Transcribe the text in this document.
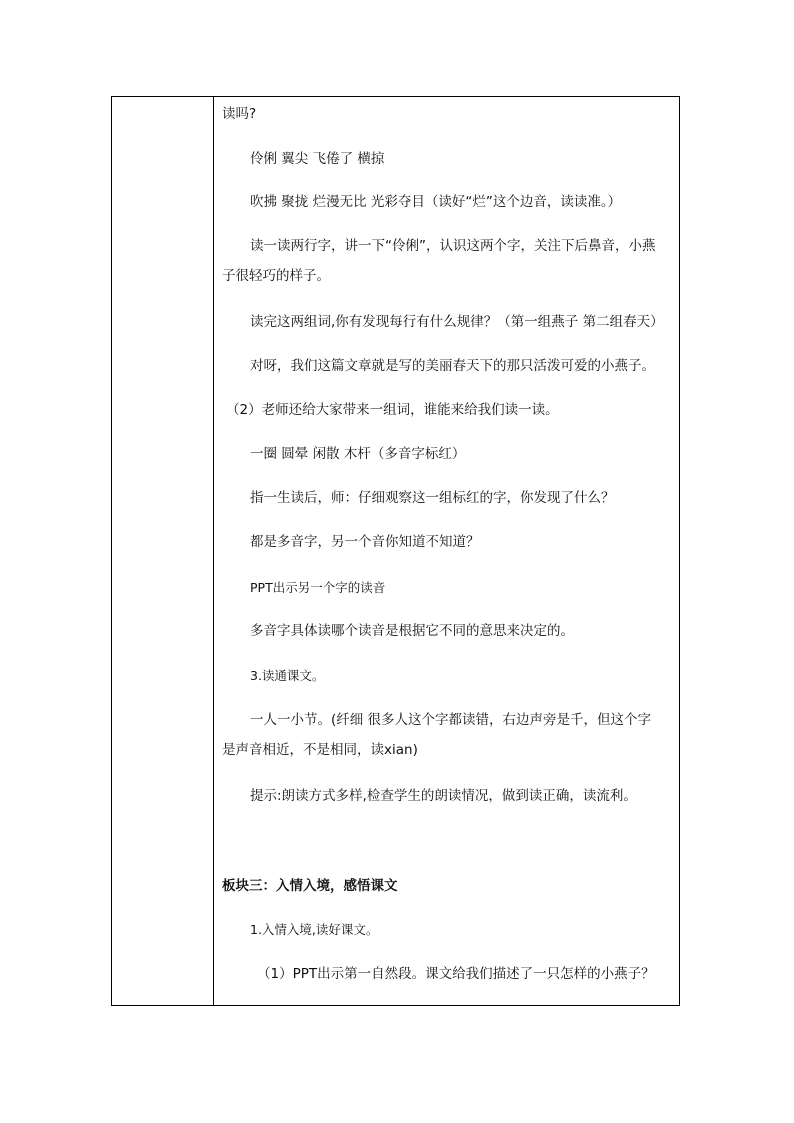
读吗?
伶俐 翼尖 飞倦了 横掠
吹拂 聚拢 烂漫无比 光彩夺目（读好“烂”这个边音，读读准。）
读一读两行字，讲一下“伶俐”，认识这两个字，关注下后鼻音，小燕
子很轻巧的样子。
读完这两组词,你有发现每行有什么规律？（第一组燕子 第二组春天）
对呀，我们这篇文章就是写的美丽春天下的那只活泼可爱的小燕子。
（2）老师还给大家带来一组词，谁能来给我们读一读。
一圈 圆晕 闲散 木杆（多音字标红）
指一生读后，师：仔细观察这一组标红的字，你发现了什么？
都是多音字，另一个音你知道不知道？
PPT出示另一个字的读音
多音字具体读哪个读音是根据它不同的意思来决定的。
3.读通课文。
一人一小节。(纤细 很多人这个字都读错，右边声旁是千，但这个字
是声音相近，不是相同，读xian)
提示:朗读方式多样,检查学生的朗读情况，做到读正确，读流利。
板块三：入情入境，感悟课文
1.入情入境,读好课文。
（1）PPT出示第一自然段。课文给我们描述了一只怎样的小燕子？
